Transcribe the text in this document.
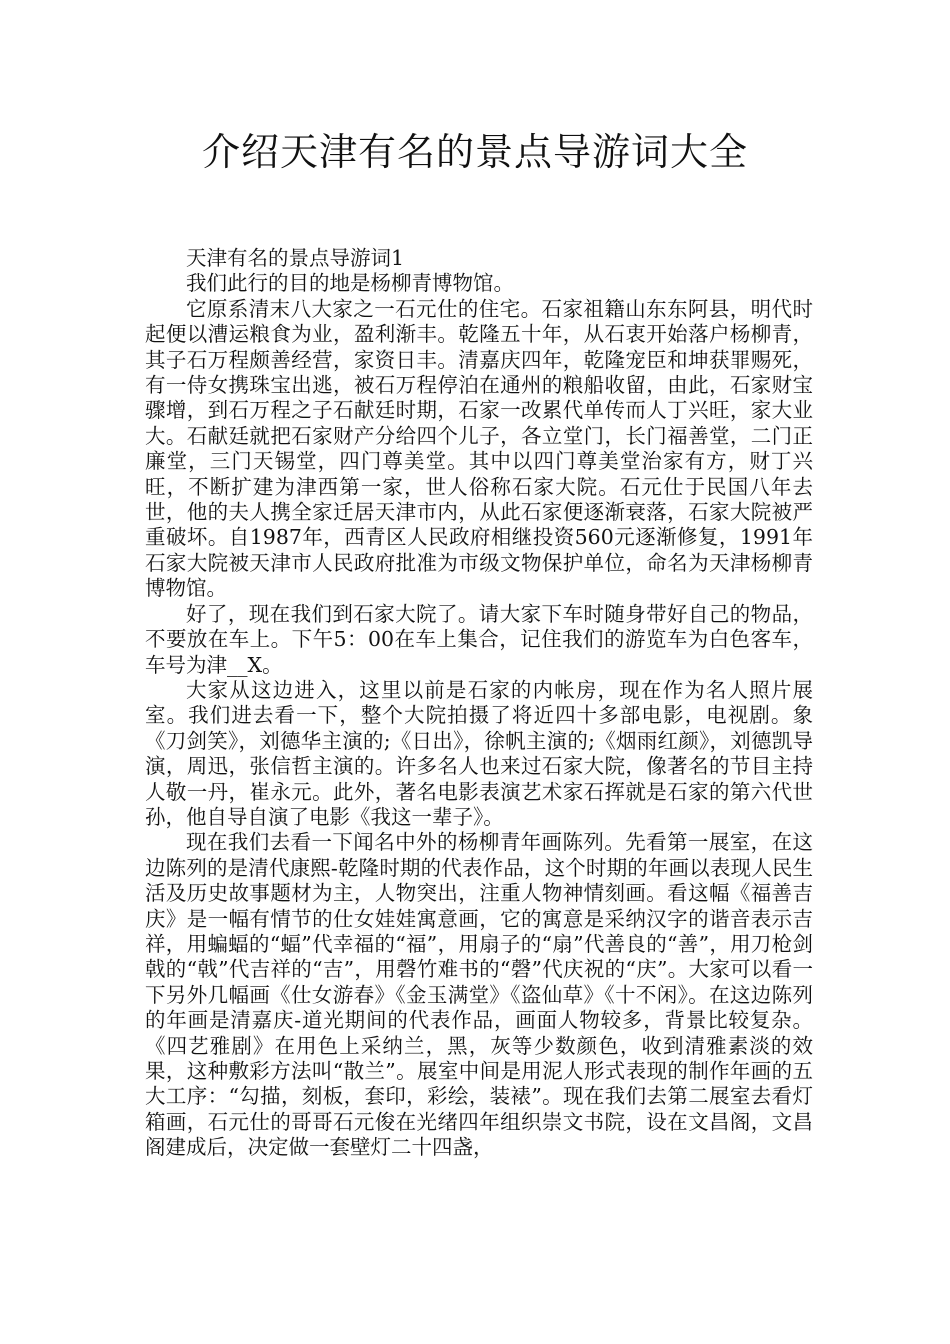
介绍天津有名的景点导游词大全

天津有名的景点导游词1

我们此行的目的地是杨柳青博物馆。

它原系清末八大家之一石元仕的住宅。石家祖籍山东东阿县，明代时起便以漕运粮食为业，盈利渐丰。乾隆五十年，从石衷开始落户杨柳青，其子石万程颇善经营，家资日丰。清嘉庆四年，乾隆宠臣和坤获罪赐死，有一侍女携珠宝出逃，被石万程停泊在通州的粮船收留，由此，石家财宝骤增，到石万程之子石献廷时期，石家一改累代单传而人丁兴旺，家大业大。石献廷就把石家财产分给四个儿子，各立堂门，长门福善堂，二门正廉堂，三门天锡堂，四门尊美堂。其中以四门尊美堂治家有方，财丁兴旺，不断扩建为津西第一家，世人俗称石家大院。石元仕于民国八年去世，他的夫人携全家迁居天津市内，从此石家便逐渐衰落，石家大院被严重破坏。自1987年，西青区人民政府相继投资560元逐渐修复，1991年石家大院被天津市人民政府批准为市级文物保护单位，命名为天津杨柳青博物馆。

好了，现在我们到石家大院了。请大家下车时随身带好自己的物品，不要放在车上。下午5：00在车上集合，记住我们的游览车为白色客车，车号为津__X。

大家从这边进入，这里以前是石家的内帐房，现在作为名人照片展室。我们进去看一下，整个大院拍摄了将近四十多部电影，电视剧。象《刀剑笑》，刘德华主演的;《日出》，徐帆主演的;《烟雨红颜》，刘德凯导演，周迅，张信哲主演的。许多名人也来过石家大院，像著名的节目主持人敬一丹，崔永元。此外，著名电影表演艺术家石挥就是石家的第六代世孙，他自导自演了电影《我这一辈子》。

现在我们去看一下闻名中外的杨柳青年画陈列。先看第一展室，在这边陈列的是清代康熙-乾隆时期的代表作品，这个时期的年画以表现人民生活及历史故事题材为主，人物突出，注重人物神情刻画。看这幅《福善吉庆》是一幅有情节的仕女娃娃寓意画，它的寓意是采纳汉字的谐音表示吉祥，用蝙蝠的“蝠”代幸福的“福”，用扇子的“扇”代善良的“善”，用刀枪剑戟的“戟”代吉祥的“吉”，用磬竹难书的“磬”代庆祝的“庆”。大家可以看一下另外几幅画《仕女游春》《金玉满堂》《盗仙草》《十不闲》。在这边陈列的年画是清嘉庆-道光期间的代表作品，画面人物较多，背景比较复杂。《四艺雅剧》在用色上采纳兰，黑，灰等少数颜色，收到清雅素淡的效果，这种敷彩方法叫“散兰”。展室中间是用泥人形式表现的制作年画的五大工序：“勾描，刻板，套印，彩绘，装裱”。现在我们去第二展室去看灯箱画，石元仕的哥哥石元俊在光绪四年组织崇文书院，设在文昌阁，文昌阁建成后，决定做一套壁灯二十四盏，
